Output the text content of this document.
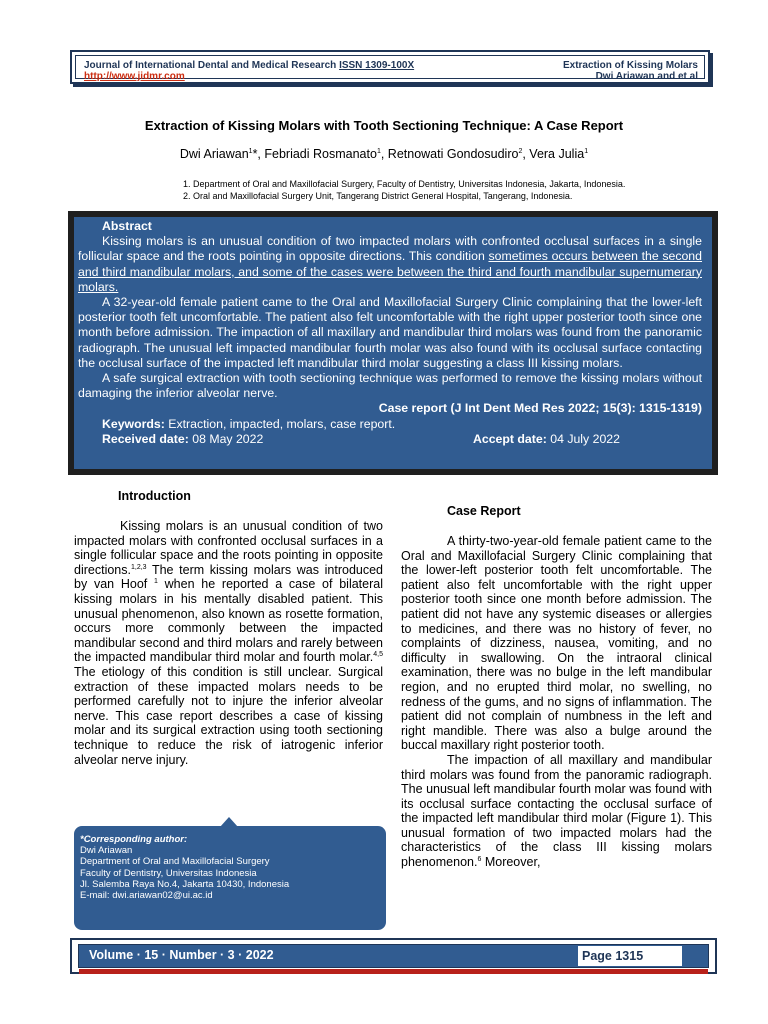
Journal of International Dental and Medical Research ISSN 1309-100X
http://www.jidmr.com
Extraction of Kissing Molars
Dwi Ariawan and et al
Extraction of Kissing Molars with Tooth Sectioning Technique: A Case Report
Dwi Ariawan$^1$*, Febriadi Rosmanato$^1$, Retnowati Gondosudiro$^2$, Vera Julia$^1$
1. Department of Oral and Maxillofacial Surgery, Faculty of Dentistry, Universitas Indonesia, Jakarta, Indonesia.
2. Oral and Maxillofacial Surgery Unit, Tangerang District General Hospital, Tangerang, Indonesia.
Abstract

Kissing molars is an unusual condition of two impacted molars with confronted occlusal surfaces in a single follicular space and the roots pointing in opposite directions. This condition sometimes occurs between the second and third mandibular molars, and some of the cases were between the third and fourth mandibular supernumerary molars.

A 32-year-old female patient came to the Oral and Maxillofacial Surgery Clinic complaining that the lower-left posterior tooth felt uncomfortable. The patient also felt uncomfortable with the right upper posterior tooth since one month before admission. The impaction of all maxillary and mandibular third molars was found from the panoramic radiograph. The unusual left impacted mandibular fourth molar was also found with its occlusal surface contacting the occlusal surface of the impacted left mandibular third molar suggesting a class III kissing molars.

A safe surgical extraction with tooth sectioning technique was performed to remove the kissing molars without damaging the inferior alveolar nerve.

Case report (J Int Dent Med Res 2022; 15(3): 1315-1319)
Keywords: Extraction, impacted, molars, case report.
Received date: 08 May 2022	Accept date: 04 July 2022
Introduction

Kissing molars is an unusual condition of two impacted molars with confronted occlusal surfaces in a single follicular space and the roots pointing in opposite directions.$^{1,2,3}$ The term kissing molars was introduced by van Hoof $^1$ when he reported a case of bilateral kissing molars in his mentally disabled patient. This unusual phenomenon, also known as rosette formation, occurs more commonly between the impacted mandibular second and third molars and rarely between the impacted mandibular third molar and fourth molar.$^{4,5}$ The etiology of this condition is still unclear. Surgical extraction of these impacted molars needs to be performed carefully not to injure the inferior alveolar nerve. This case report describes a case of kissing molar and its surgical extraction using tooth sectioning technique to reduce the risk of iatrogenic inferior alveolar nerve injury.

*Corresponding author:
Dwi Ariawan
Department of Oral and Maxillofacial Surgery
Faculty of Dentistry, Universitas Indonesia
Jl. Salemba Raya No.4, Jakarta 10430, Indonesia
E-mail: dwi.ariawan02@ui.ac.id
Case Report

A thirty-two-year-old female patient came to the Oral and Maxillofacial Surgery Clinic complaining that the lower-left posterior tooth felt uncomfortable. The patient also felt uncomfortable with the right upper posterior tooth since one month before admission. The patient did not have any systemic diseases or allergies to medicines, and there was no history of fever, no complaints of dizziness, nausea, vomiting, and no difficulty in swallowing. On the intraoral clinical examination, there was no bulge in the left mandibular region, and no erupted third molar, no swelling, no redness of the gums, and no signs of inflammation. The patient did not complain of numbness in the left and right mandible. There was also a bulge around the buccal maxillary right posterior tooth.

The impaction of all maxillary and mandibular third molars was found from the panoramic radiograph. The unusual left mandibular fourth molar was found with its occlusal surface contacting the occlusal surface of the impacted left mandibular third molar (Figure 1). This unusual formation of two impacted molars had the characteristics of the class III kissing molars phenomenon.$^6$ Moreover,

Volume · 15 · Number · 3 · 2022	Page 1315
